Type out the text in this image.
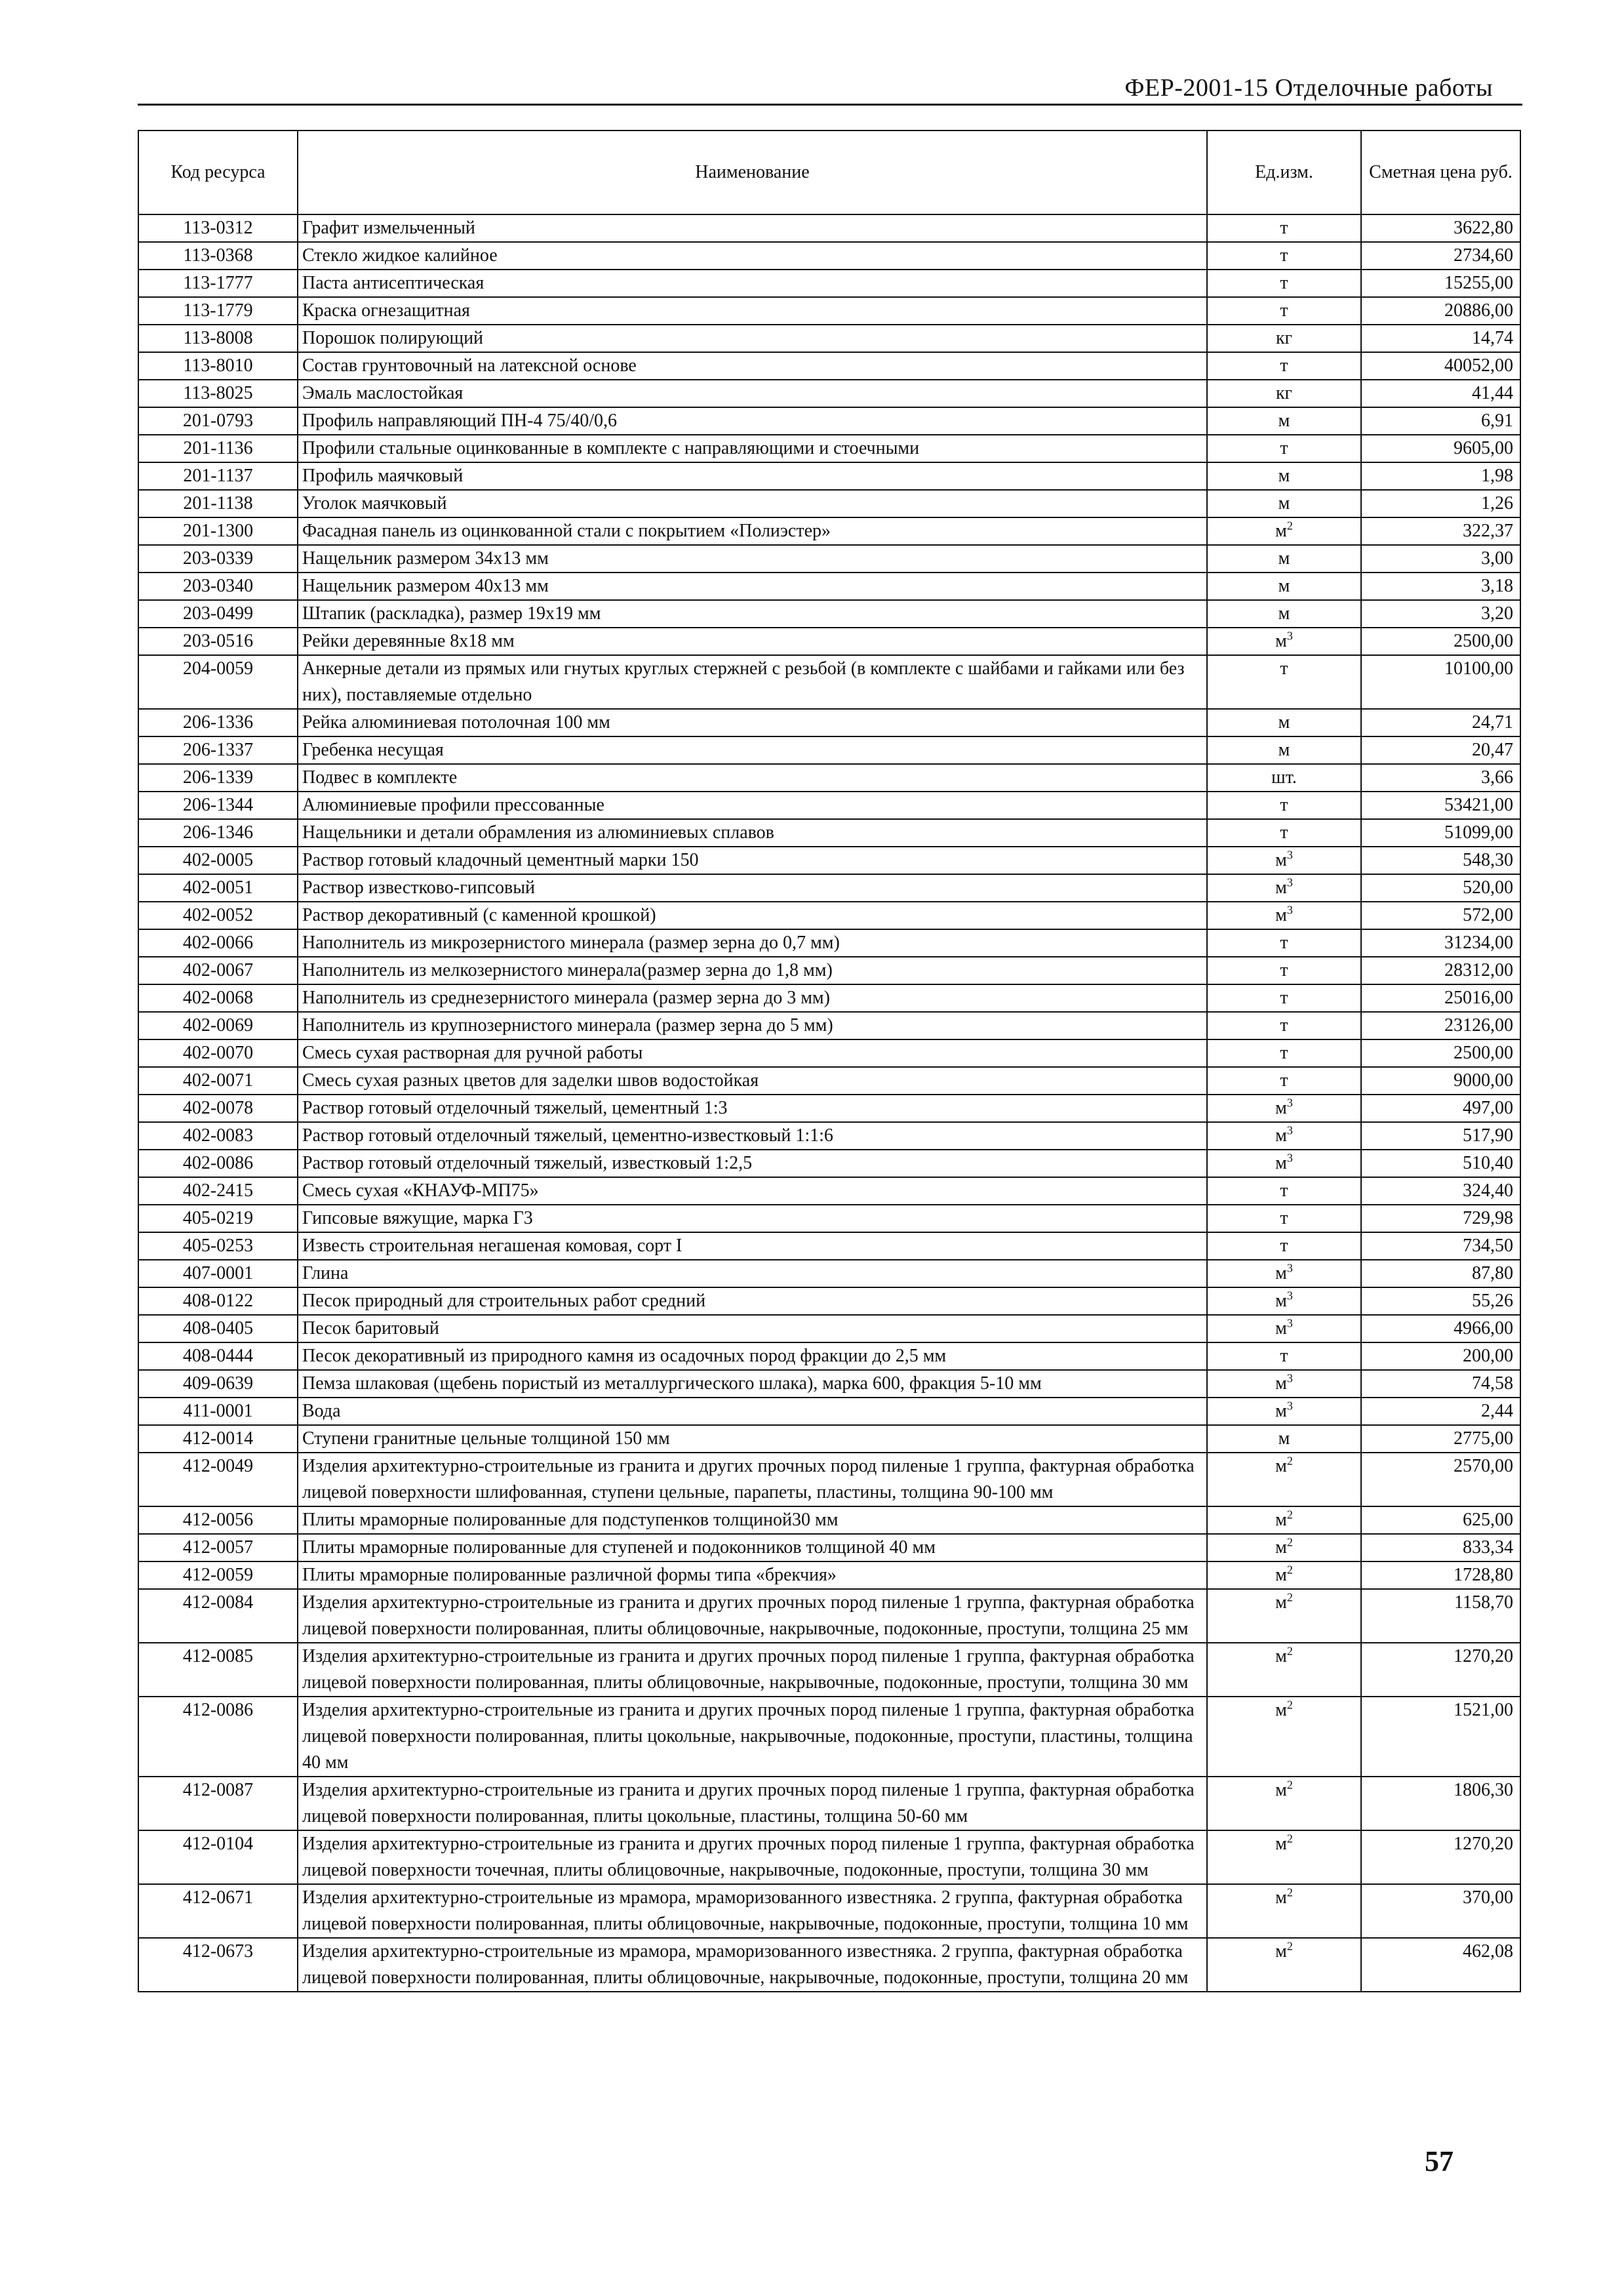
ФЕР-2001-15 Отделочные работы
Код ресурса	Наименование	Ед.изм.	Сметная цена руб.
113-0312	Графит измельченный	т	3622,80
113-0368	Стекло жидкое калийное	т	2734,60
113-1777	Паста антисептическая	т	15255,00
113-1779	Краска огнезащитная	т	20886,00
113-8008	Порошок полирующий	кг	14,74
113-8010	Состав грунтовочный на латексной основе	т	40052,00
113-8025	Эмаль маслостойкая	кг	41,44
201-0793	Профиль направляющий ПН-4 75/40/0,6	м	6,91
201-1136	Профили стальные оцинкованные в комплекте с направляющими и стоечными	т	9605,00
201-1137	Профиль маячковый	м	1,98
201-1138	Уголок маячковый	м	1,26
201-1300	Фасадная панель из оцинкованной стали с покрытием «Полиэстер»	$м^2$	322,37
203-0339	Нащельник размером 34х13 мм	м	3,00
203-0340	Нащельник размером 40х13 мм	м	3,18
203-0499	Штапик (раскладка), размер 19х19 мм	м	3,20
203-0516	Рейки деревянные 8х18 мм	$м^3$	2500,00
204-0059	Анкерные детали из прямых или гнутых круглых стержней с резьбой (в комплекте с шайбами и гайками или без них), поставляемые отдельно	т	10100,00
206-1336	Рейка алюминиевая потолочная 100 мм	м	24,71
206-1337	Гребенка несущая	м	20,47
206-1339	Подвес в комплекте	шт.	3,66
206-1344	Алюминиевые профили прессованные	т	53421,00
206-1346	Нащельники и детали обрамления из алюминиевых сплавов	т	51099,00
402-0005	Раствор готовый кладочный цементный марки 150	$м^3$	548,30
402-0051	Раствор известково-гипсовый	$м^3$	520,00
402-0052	Раствор декоративный (с каменной крошкой)	$м^3$	572,00
402-0066	Наполнитель из микрозернистого минерала (размер зерна до 0,7 мм)	т	31234,00
402-0067	Наполнитель из мелкозернистого минерала(размер зерна до 1,8 мм)	т	28312,00
402-0068	Наполнитель из среднезернистого минерала (размер зерна до 3 мм)	т	25016,00
402-0069	Наполнитель из крупнозернистого минерала (размер зерна до 5 мм)	т	23126,00
402-0070	Смесь сухая растворная для ручной работы	т	2500,00
402-0071	Смесь сухая разных цветов для заделки швов водостойкая	т	9000,00
402-0078	Раствор готовый отделочный тяжелый, цементный 1:3	$м^3$	497,00
402-0083	Раствор готовый отделочный тяжелый, цементно-известковый 1:1:6	$м^3$	517,90
402-0086	Раствор готовый отделочный тяжелый, известковый 1:2,5	$м^3$	510,40
402-2415	Смесь сухая «КНАУФ-МП75»	т	324,40
405-0219	Гипсовые вяжущие, марка Г3	т	729,98
405-0253	Известь строительная негашеная комовая, сорт I	т	734,50
407-0001	Глина	$м^3$	87,80
408-0122	Песок природный для строительных работ средний	$м^3$	55,26
408-0405	Песок баритовый	$м^3$	4966,00
408-0444	Песок декоративный из природного камня из осадочных пород фракции до 2,5 мм	т	200,00
409-0639	Пемза шлаковая (щебень пористый из металлургического шлака), марка 600, фракция 5-10 мм	$м^3$	74,58
411-0001	Вода	$м^3$	2,44
412-0014	Ступени гранитные цельные толщиной 150 мм	м	2775,00
412-0049	Изделия архитектурно-строительные из гранита и других прочных пород пиленые 1 группа, фактурная обработка лицевой поверхности шлифованная, ступени цельные, парапеты, пластины, толщина 90-100 мм	$м^2$	2570,00
412-0056	Плиты мраморные полированные для подступенков толщиной30 мм	$м^2$	625,00
412-0057	Плиты мраморные полированные для ступеней и подоконников толщиной 40 мм	$м^2$	833,34
412-0059	Плиты мраморные полированные различной формы типа «брекчия»	$м^2$	1728,80
412-0084	Изделия архитектурно-строительные из гранита и других прочных пород пиленые 1 группа, фактурная обработка лицевой поверхности полированная, плиты облицовочные, накрывочные, подоконные, проступи, толщина 25 мм	$м^2$	1158,70
412-0085	Изделия архитектурно-строительные из гранита и других прочных пород пиленые 1 группа, фактурная обработка лицевой поверхности полированная, плиты облицовочные, накрывочные, подоконные, проступи, толщина 30 мм	$м^2$	1270,20
412-0086	Изделия архитектурно-строительные из гранита и других прочных пород пиленые 1 группа, фактурная обработка лицевой поверхности полированная, плиты цокольные, накрывочные, подоконные, проступи, пластины, толщина 40 мм	$м^2$	1521,00
412-0087	Изделия архитектурно-строительные из гранита и других прочных пород пиленые 1 группа, фактурная обработка лицевой поверхности полированная, плиты цокольные, пластины, толщина 50-60 мм	$м^2$	1806,30
412-0104	Изделия архитектурно-строительные из гранита и других прочных пород пиленые 1 группа, фактурная обработка лицевой поверхности точечная, плиты облицовочные, накрывочные, подоконные, проступи, толщина 30 мм	$м^2$	1270,20
412-0671	Изделия архитектурно-строительные из мрамора, мраморизованного известняка. 2 группа, фактурная обработка лицевой поверхности полированная, плиты облицовочные, накрывочные, подоконные, проступи, толщина 10 мм	$м^2$	370,00
412-0673	Изделия архитектурно-строительные из мрамора, мраморизованного известняка. 2 группа, фактурная обработка лицевой поверхности полированная, плиты облицовочные, накрывочные, подоконные, проступи, толщина 20 мм	$м^2$	462,08
57
